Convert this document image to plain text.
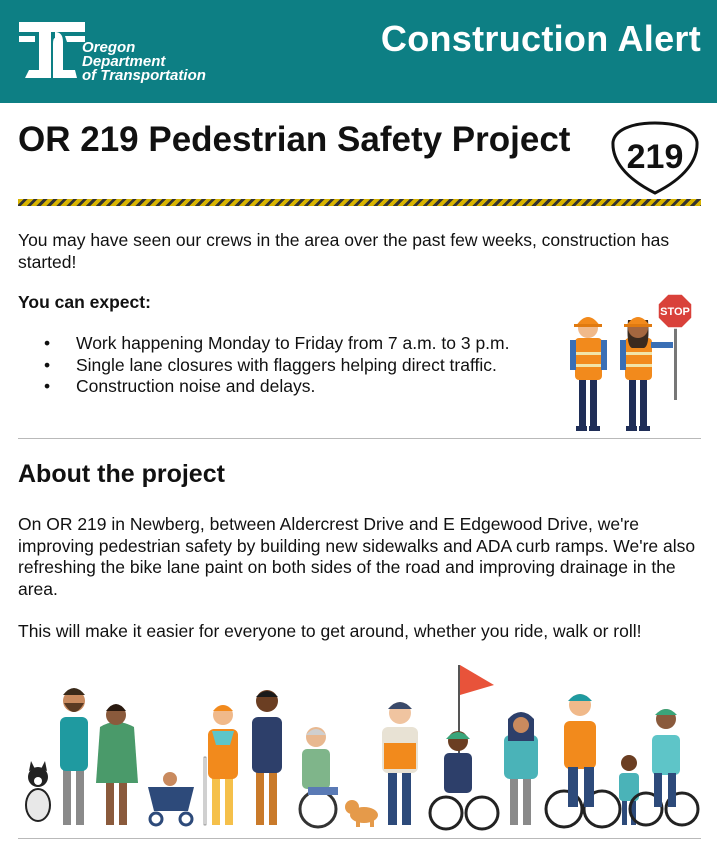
Oregon
Department
of Transportation
Construction Alert
OR 219 Pedestrian Safety Project 219

You may have seen our crews in the area over the past few weeks, construction has started!

You can expect:
• Work happening Monday to Friday from 7 a.m. to 3 p.m.
• Single lane closures with flaggers helping direct traffic.
• Construction noise and delays.
STOP
About the project

On OR 219 in Newberg, between Aldercrest Drive and E Edgewood Drive, we're improving pedestrian safety by building new sidewalks and ADA curb ramps. We're also refreshing the bike lane paint on both sides of the road and improving drainage in the area.

This will make it easier for everyone to get around, whether you ride, walk or roll!
